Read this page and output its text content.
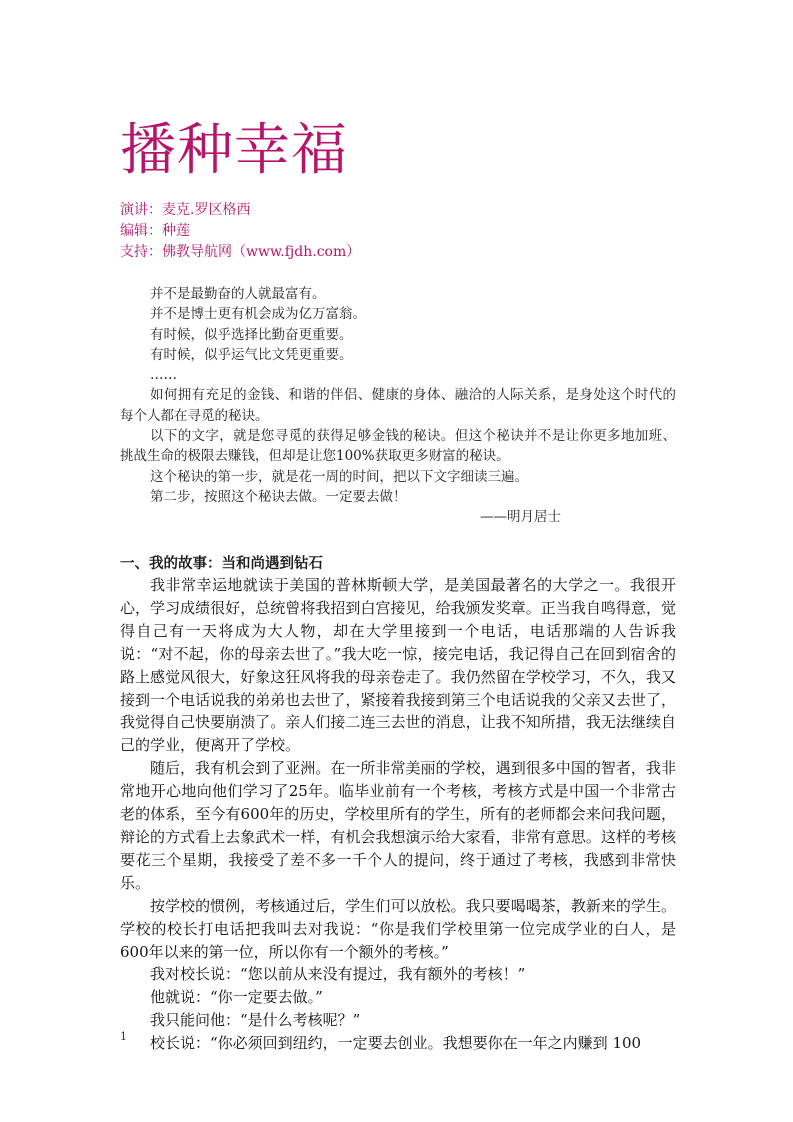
播种幸福
演讲：麦克.罗区格西
编辑：种莲
支持：佛教导航网（www.fjdh.com）
并不是最勤奋的人就最富有。
并不是博士更有机会成为亿万富翁。
有时候，似乎选择比勤奋更重要。
有时候，似乎运气比文凭更重要。
……
如何拥有充足的金钱、和谐的伴侣、健康的身体、融洽的人际关系，是身处这个时代的每个人都在寻觅的秘诀。
以下的文字，就是您寻觅的获得足够金钱的秘诀。但这个秘诀并不是让你更多地加班、挑战生命的极限去赚钱，但却是让您100%获取更多财富的秘诀。
这个秘诀的第一步，就是花一周的时间，把以下文字细读三遍。
第二步，按照这个秘诀去做。一定要去做！
——明月居士
一、我的故事：当和尚遇到钻石

我非常幸运地就读于美国的普林斯顿大学，是美国最著名的大学之一。我很开心，学习成绩很好，总统曾将我招到白宫接见，给我颁发奖章。正当我自鸣得意，觉得自己有一天将成为大人物，却在大学里接到一个电话，电话那端的人告诉我说：“对不起，你的母亲去世了。”我大吃一惊，接完电话，我记得自己在回到宿舍的路上感觉风很大，好象这狂风将我的母亲卷走了。我仍然留在学校学习，不久，我又接到一个电话说我的弟弟也去世了，紧接着我接到第三个电话说我的父亲又去世了，我觉得自己快要崩溃了。亲人们接二连三去世的消息，让我不知所措，我无法继续自己的学业，便离开了学校。

随后，我有机会到了亚洲。在一所非常美丽的学校，遇到很多中国的智者，我非常地开心地向他们学习了25年。临毕业前有一个考核，考核方式是中国一个非常古老的体系，至今有600年的历史，学校里所有的学生，所有的老师都会来问我问题，辩论的方式看上去象武术一样，有机会我想演示给大家看，非常有意思。这样的考核要花三个星期，我接受了差不多一千个人的提问，终于通过了考核，我感到非常快乐。

按学校的惯例，考核通过后，学生们可以放松。我只要喝喝茶，教新来的学生。学校的校长打电话把我叫去对我说：“你是我们学校里第一位完成学业的白人，是600年以来的第一位，所以你有一个额外的考核。”

我对校长说：“您以前从来没有提过，我有额外的考核！”

他就说：“你一定要去做。”

我只能问他：“是什么考核呢？”

校长说：“你必须回到纽约，一定要去创业。我想要你在一年之内赚到 100

1
